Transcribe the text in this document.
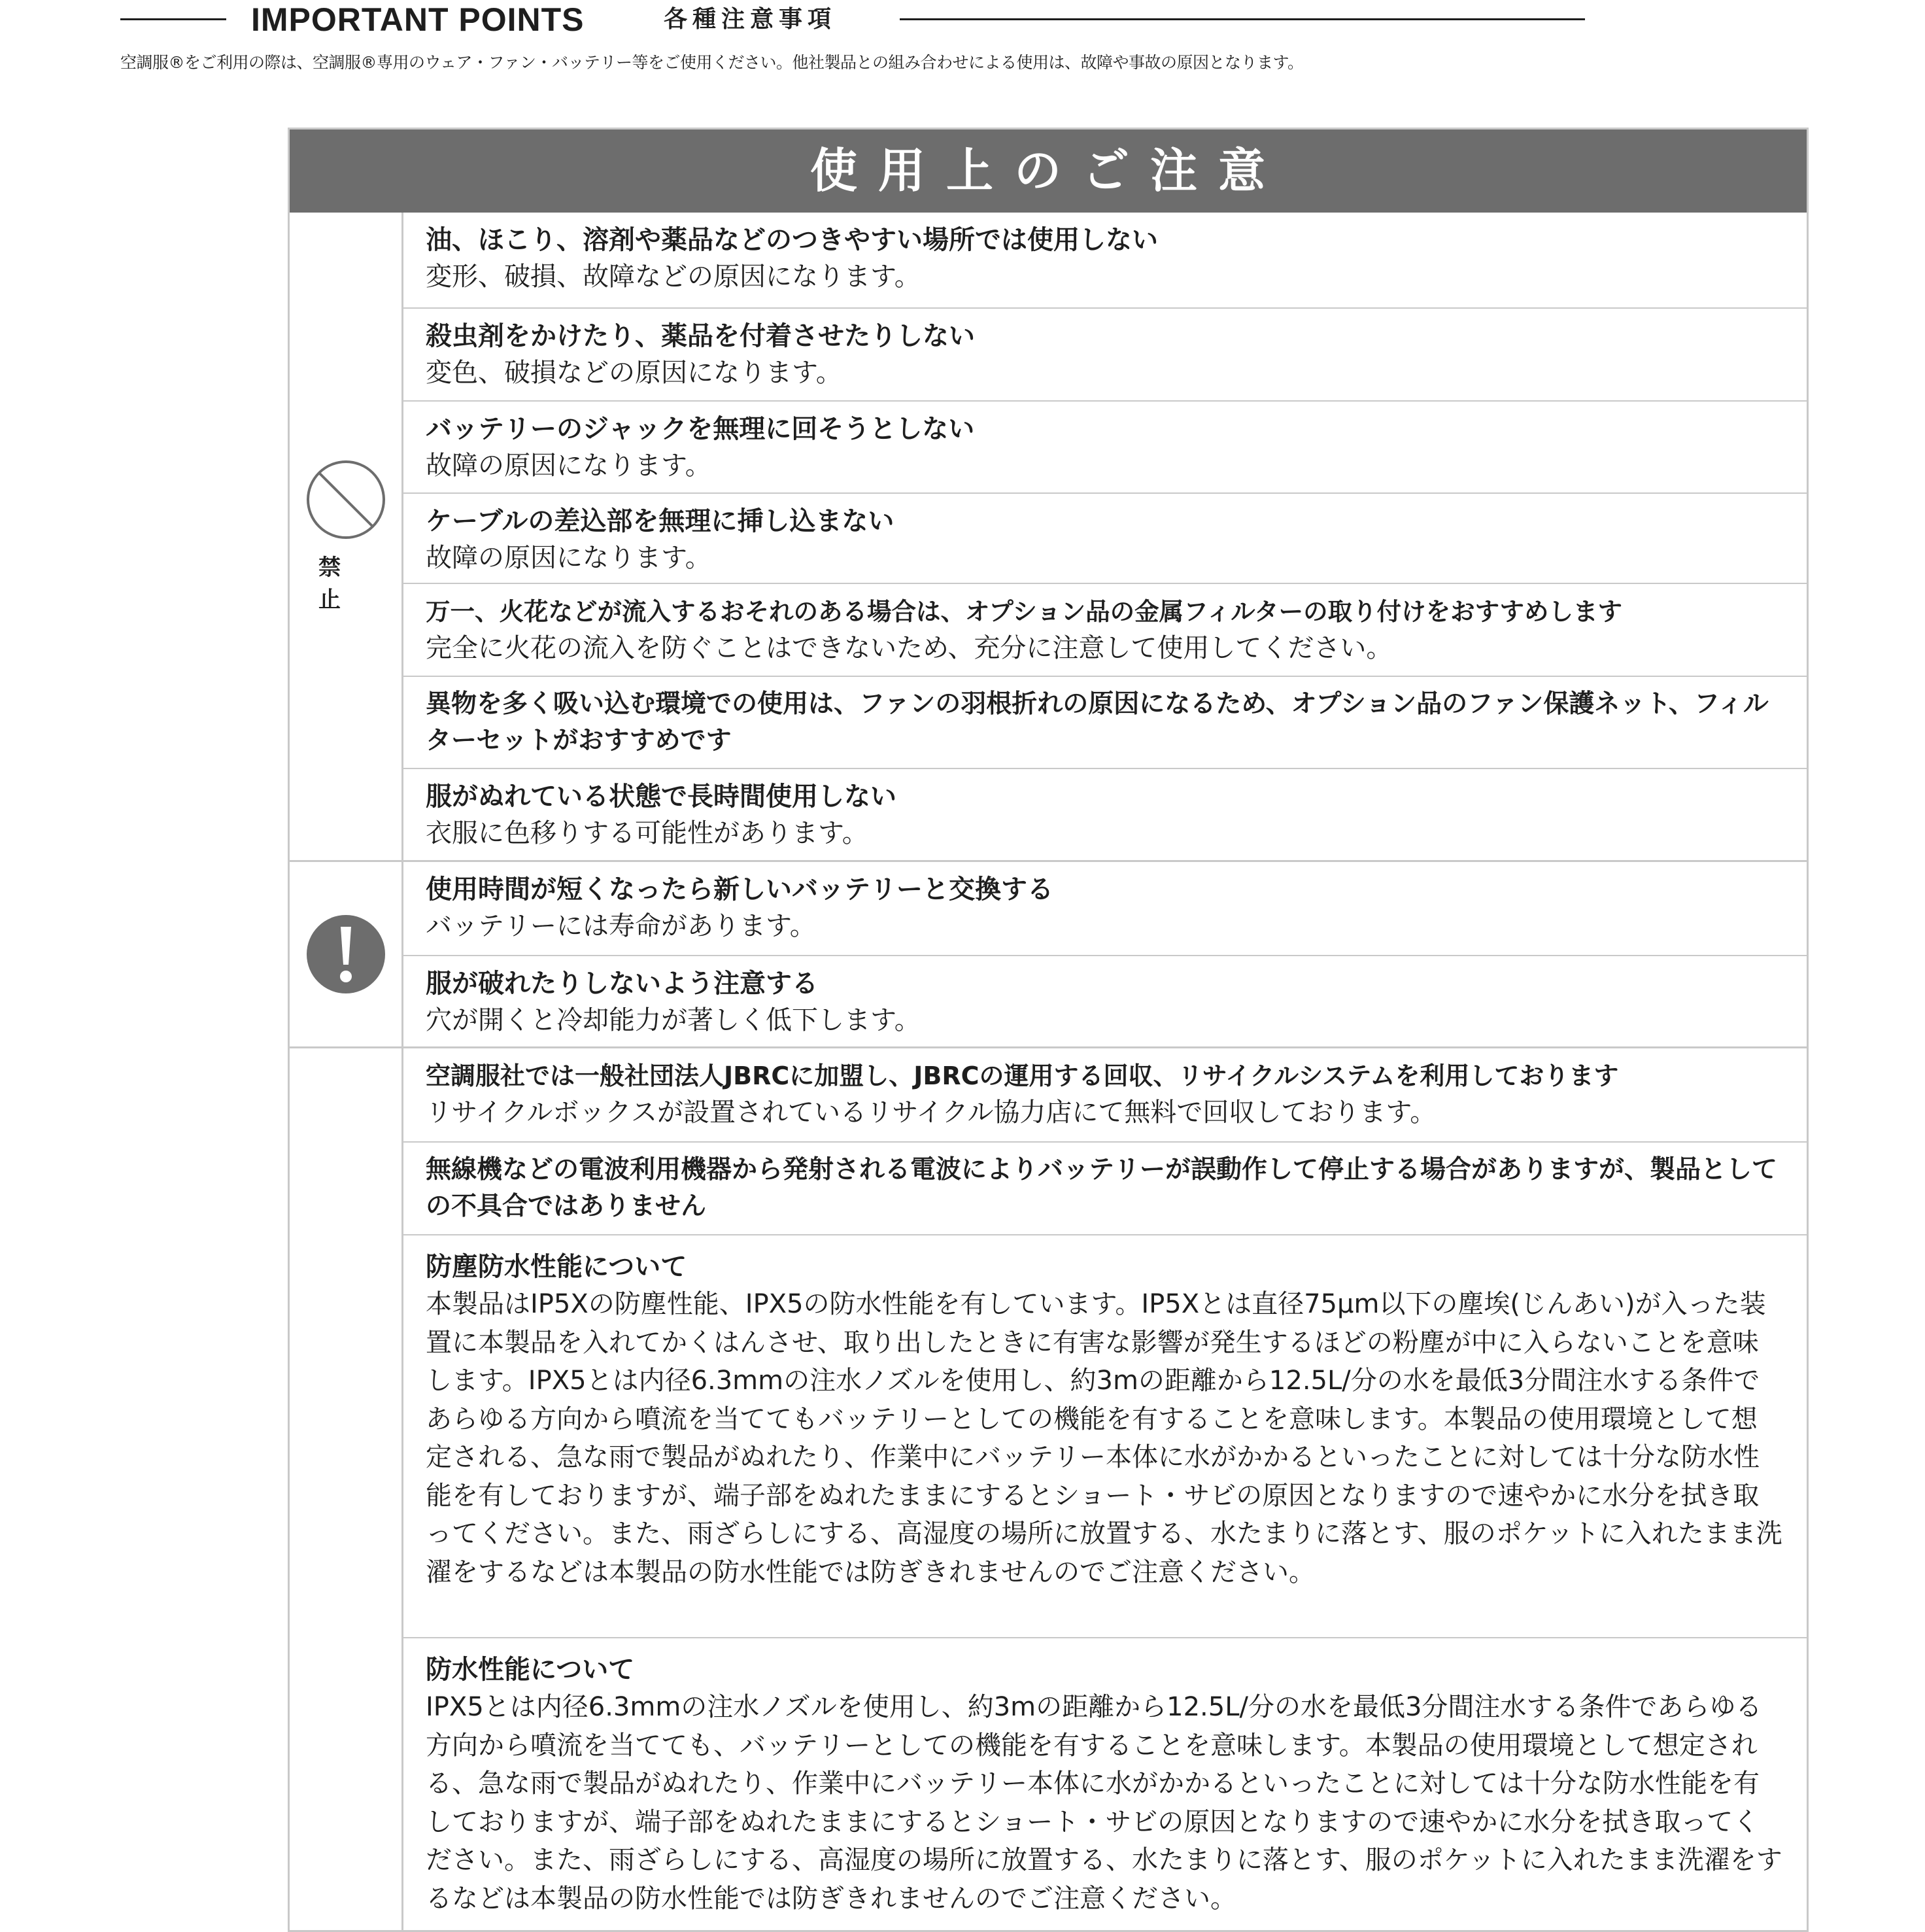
IMPORTANT POINTS	各種注意事項
空調服®をご利用の際は、空調服®専用のウェア・ファン・バッテリー等をご使用ください。他社製品との組み合わせによる使用は、故障や事故の原因となります。
使用上のご注意
禁 止
油、ほこり、溶剤や薬品などのつきやすい場所では使用しない
変形、破損、故障などの原因になります。
殺虫剤をかけたり、薬品を付着させたりしない
変色、破損などの原因になります。
バッテリーのジャックを無理に回そうとしない
故障の原因になります。
ケーブルの差込部を無理に挿し込まない
故障の原因になります。
万一、火花などが流入するおそれのある場合は、オプション品の金属フィルターの取り付けをおすすめします
完全に火花の流入を防ぐことはできないため、充分に注意して使用してください。
異物を多く吸い込む環境での使用は、ファンの羽根折れの原因になるため、オプション品のファン保護ネット、フィルターセットがおすすめです
服がぬれている状態で長時間使用しない
衣服に色移りする可能性があります。
使用時間が短くなったら新しいバッテリーと交換する
バッテリーには寿命があります。
服が破れたりしないよう注意する
穴が開くと冷却能力が著しく低下します。
空調服社では一般社団法人JBRCに加盟し、JBRCの運用する回収、リサイクルシステムを利用しております
リサイクルボックスが設置されているリサイクル協力店にて無料で回収しております。
無線機などの電波利用機器から発射される電波によりバッテリーが誤動作して停止する場合がありますが、製品としての不具合ではありません
防塵防水性能について
本製品はIP5Xの防塵性能、IPX5の防水性能を有しています。IP5Xとは直径75μm以下の塵埃(じんあい)が入った装置に本製品を入れてかくはんさせ、取り出したときに有害な影響が発生するほどの粉塵が中に入らないことを意味します。IPX5とは内径6.3mmの注水ノズルを使用し、約3mの距離から12.5L/分の水を最低3分間注水する条件であらゆる方向から噴流を当ててもバッテリーとしての機能を有することを意味します。本製品の使用環境として想定される、急な雨で製品がぬれたり、作業中にバッテリー本体に水がかかるといったことに対しては十分な防水性能を有しておりますが、端子部をぬれたままにするとショート・サビの原因となりますので速やかに水分を拭き取ってください。また、雨ざらしにする、高湿度の場所に放置する、水たまりに落とす、服のポケットに入れたまま洗濯をするなどは本製品の防水性能では防ぎきれませんのでご注意ください。
防水性能について
IPX5とは内径6.3mmの注水ノズルを使用し、約3mの距離から12.5L/分の水を最低3分間注水する条件であらゆる方向から噴流を当てても、バッテリーとしての機能を有することを意味します。本製品の使用環境として想定される、急な雨で製品がぬれたり、作業中にバッテリー本体に水がかかるといったことに対しては十分な防水性能を有しておりますが、端子部をぬれたままにするとショート・サビの原因となりますので速やかに水分を拭き取ってください。また、雨ざらしにする、高湿度の場所に放置する、水たまりに落とす、服のポケットに入れたまま洗濯をするなどは本製品の防水性能では防ぎきれませんのでご注意ください。
